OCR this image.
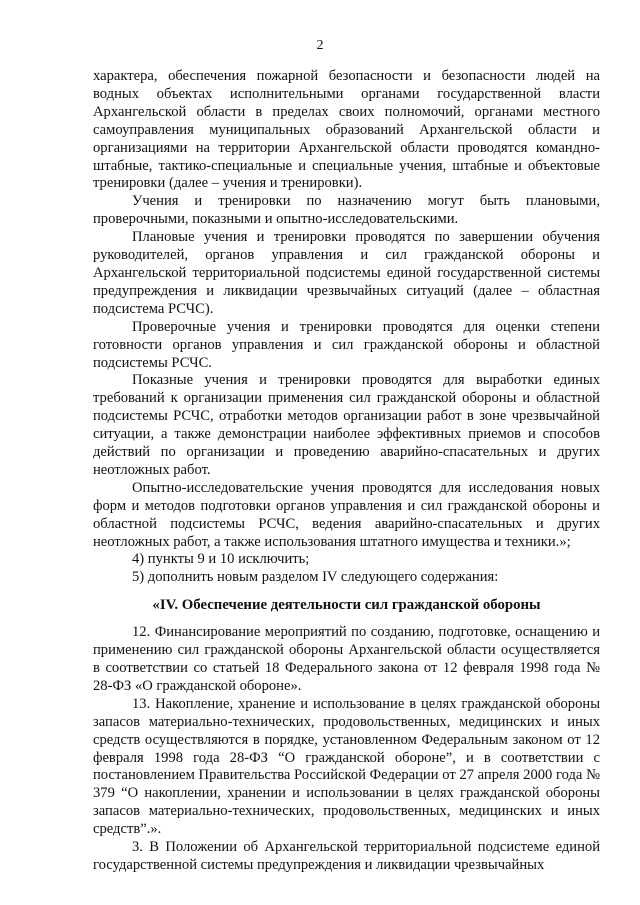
2

характера, обеспечения пожарной безопасности и безопасности людей на водных объектах исполнительными органами государственной власти Архангельской области в пределах своих полномочий, органами местного самоуправления муниципальных образований Архангельской области и организациями на территории Архангельской области проводятся командно-штабные, тактико-специальные и специальные учения, штабные и объектовые тренировки (далее – учения и тренировки).

Учения и тренировки по назначению могут быть плановыми, проверочными, показными и опытно-исследовательскими.

Плановые учения и тренировки проводятся по завершении обучения руководителей, органов управления и сил гражданской обороны и Архангельской территориальной подсистемы единой государственной системы предупреждения и ликвидации чрезвычайных ситуаций (далее – областная подсистема РСЧС).

Проверочные учения и тренировки проводятся для оценки степени готовности органов управления и сил гражданской обороны и областной подсистемы РСЧС.

Показные учения и тренировки проводятся для выработки единых требований к организации применения сил гражданской обороны и областной подсистемы РСЧС, отработки методов организации работ в зоне чрезвычайной ситуации, а также демонстрации наиболее эффективных приемов и способов действий по организации и проведению аварийно-спасательных и других неотложных работ.

Опытно-исследовательские учения проводятся для исследования новых форм и методов подготовки органов управления и сил гражданской обороны и областной подсистемы РСЧС, ведения аварийно-спасательных и других неотложных работ, а также использования штатного имущества и техники.»;

4) пункты 9 и 10 исключить;

5) дополнить новым разделом IV следующего содержания:

«IV. Обеспечение деятельности сил гражданской обороны

12. Финансирование мероприятий по созданию, подготовке, оснащению и применению сил гражданской обороны Архангельской области осуществляется в соответствии со статьей 18 Федерального закона от 12 февраля 1998 года № 28-ФЗ «О гражданской обороне».

13. Накопление, хранение и использование в целях гражданской обороны запасов материально-технических, продовольственных, медицинских и иных средств осуществляются в порядке, установленном Федеральным законом от 12 февраля 1998 года 28-ФЗ “О гражданской обороне”, и в соответствии с постановлением Правительства Российской Федерации от 27 апреля 2000 года № 379 “О накоплении, хранении и использовании в целях гражданской обороны запасов материально-технических, продовольственных, медицинских и иных средств”.».

3. В Положении об Архангельской территориальной подсистеме единой государственной системы предупреждения и ликвидации чрезвычайных
